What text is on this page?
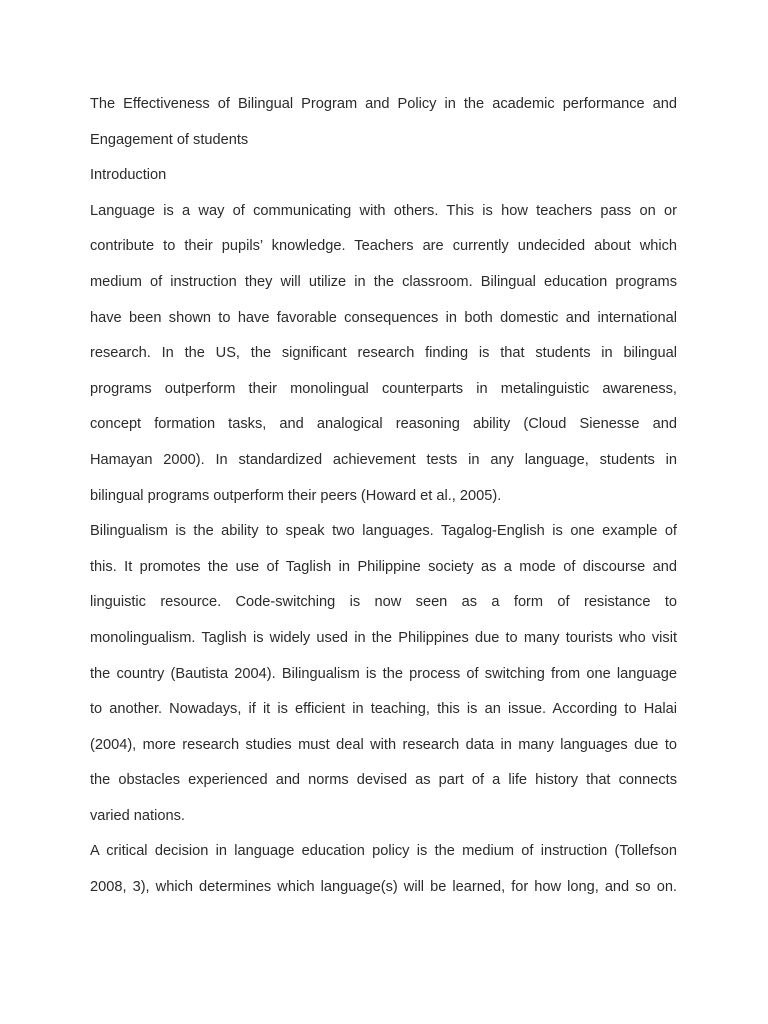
The Effectiveness of Bilingual Program and Policy in the academic performance and
Engagement of students
Introduction
Language is a way of communicating with others. This is how teachers pass on or
contribute to their pupils’ knowledge. Teachers are currently undecided about which
medium of instruction they will utilize in the classroom. Bilingual education programs
have been shown to have favorable consequences in both domestic and international
research. In the US, the significant research finding is that students in bilingual
programs outperform their monolingual counterparts in metalinguistic awareness,
concept formation tasks, and analogical reasoning ability (Cloud Sienesse and
Hamayan 2000). In standardized achievement tests in any language, students in
bilingual programs outperform their peers (Howard et al., 2005).
Bilingualism is the ability to speak two languages. Tagalog-English is one example of
this. It promotes the use of Taglish in Philippine society as a mode of discourse and
linguistic resource. Code-switching is now seen as a form of resistance to
monolingualism. Taglish is widely used in the Philippines due to many tourists who visit
the country (Bautista 2004). Bilingualism is the process of switching from one language
to another. Nowadays, if it is efficient in teaching, this is an issue. According to Halai
(2004), more research studies must deal with research data in many languages due to
the obstacles experienced and norms devised as part of a life history that connects
varied nations.
A critical decision in language education policy is the medium of instruction (Tollefson
2008, 3), which determines which language(s) will be learned, for how long, and so on.
